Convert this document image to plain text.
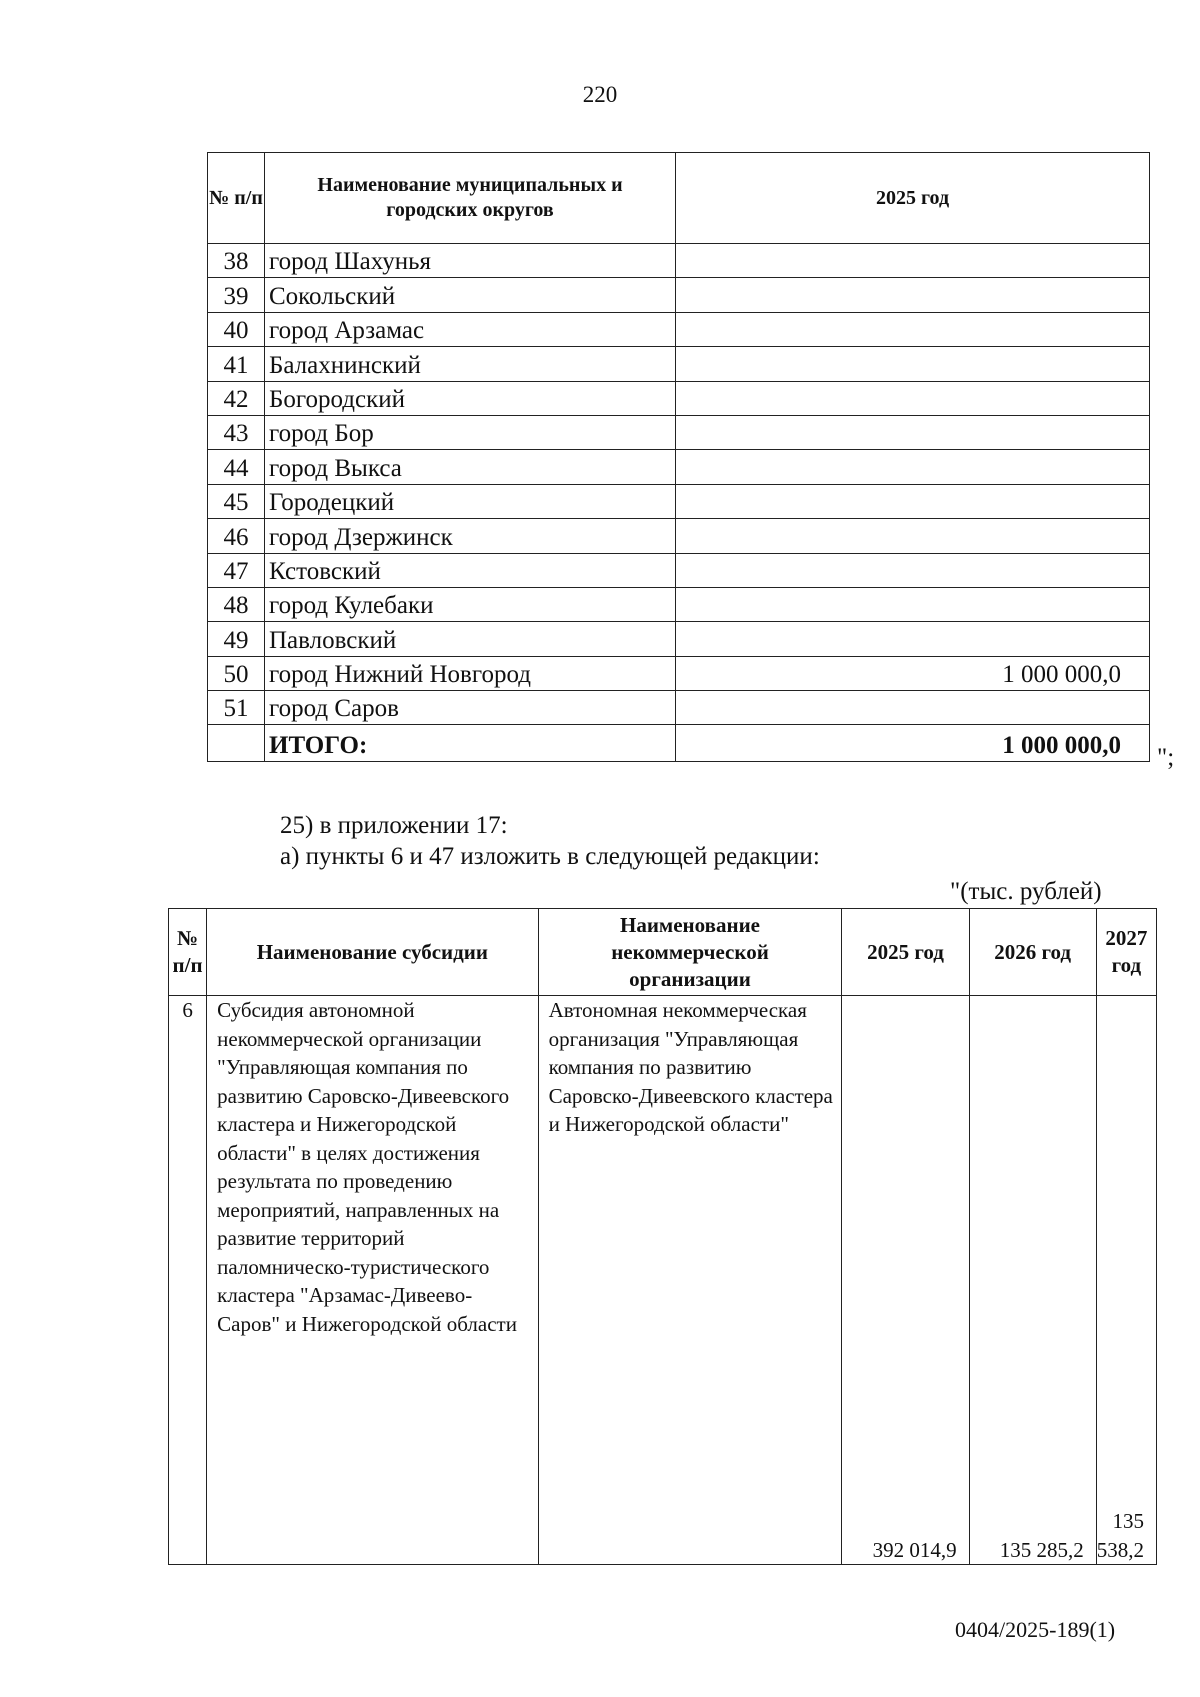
220
№ п/п	Наименование муниципальных и городских округов	2025 год
38	город Шахунья	
39	Сокольский	
40	город Арзамас	
41	Балахнинский	
42	Богородский	
43	город Бор	
44	город Выкса	
45	Городецкий	
46	город Дзержинск	
47	Кстовский	
48	город Кулебаки	
49	Павловский	
50	город Нижний Новгород	1 000 000,0
51	город Саров	
	ИТОГО:	1 000 000,0 ";
25) в приложении 17:
а) пункты 6 и 47 изложить в следующей редакции:
"(тыс. рублей)
№ п/п	Наименование субсидии	Наименование некоммерческой организации	2025 год	2026 год	2027 год
6	Субсидия автономной некоммерческой организации "Управляющая компания по развитию Саровско-Дивеевского кластера и Нижегородской области" в целях достижения результата по проведению мероприятий, направленных на развитие территорий паломническо-туристического кластера "Арзамас-Дивеево-Саров" и Нижегородской области	Автономная некоммерческая организация "Управляющая компания по развитию Саровско-Дивеевского кластера и Нижегородской области"	392 014,9	135 285,2	135 538,2
0404/2025-189(1)
